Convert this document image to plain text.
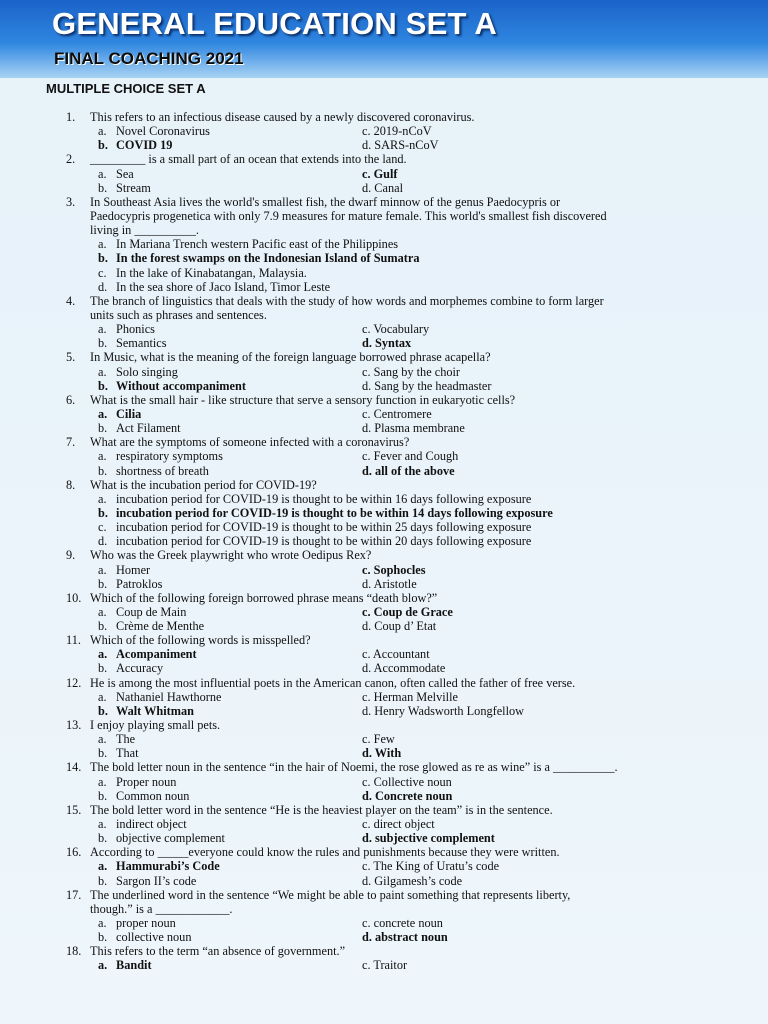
GENERAL EDUCATION SET A
FINAL COACHING 2021
MULTIPLE CHOICE SET A
1. This refers to an infectious disease caused by a newly discovered coronavirus.
a. Novel Coronavirus	c. 2019-nCoV
b. COVID 19	d. SARS-nCoV
2. _________ is a small part of an ocean that extends into the land.
a. Sea	c. Gulf
b. Stream	d. Canal
3. In Southeast Asia lives the world's smallest fish, the dwarf minnow of the genus Paedocypris or
Paedocypris progenetica with only 7.9 measures for mature female. This world's smallest fish discovered
living in __________.
a. In Mariana Trench western Pacific east of the Philippines
b. In the forest swamps on the Indonesian Island of Sumatra
c. In the lake of Kinabatangan, Malaysia.
d. In the sea shore of Jaco Island, Timor Leste
4. The branch of linguistics that deals with the study of how words and morphemes combine to form larger
units such as phrases and sentences.
a. Phonics	c. Vocabulary
b. Semantics	d. Syntax
5. In Music, what is the meaning of the foreign language borrowed phrase acapella?
a. Solo singing	c. Sang by the choir
b. Without accompaniment	d. Sang by the headmaster
6. What is the small hair - like structure that serve a sensory function in eukaryotic cells?
a. Cilia	c. Centromere
b. Act Filament	d. Plasma membrane
7. What are the symptoms of someone infected with a coronavirus?
a. respiratory symptoms	c. Fever and Cough
b. shortness of breath	d. all of the above
8. What is the incubation period for COVID-19?
a. incubation period for COVID-19 is thought to be within 16 days following exposure
b. incubation period for COVID-19 is thought to be within 14 days following exposure
c. incubation period for COVID-19 is thought to be within 25 days following exposure
d. incubation period for COVID-19 is thought to be within 20 days following exposure
9. Who was the Greek playwright who wrote Oedipus Rex?
a. Homer	c. Sophocles
b. Patroklos	d. Aristotle
10. Which of the following foreign borrowed phrase means “death blow?”
a. Coup de Main	c. Coup de Grace
b. Crème de Menthe	d. Coup d’ Etat
11. Which of the following words is misspelled?
a. Acompaniment	c. Accountant
b. Accuracy	d. Accommodate
12. He is among the most influential poets in the American canon, often called the father of free verse.
a. Nathaniel Hawthorne	c. Herman Melville
b. Walt Whitman	d. Henry Wadsworth Longfellow
13. I enjoy playing small pets.
a. The	c. Few
b. That	d. With
14. The bold letter noun in the sentence “in the hair of Noemi, the rose glowed as re as wine” is a __________.
a. Proper noun	c. Collective noun
b. Common noun	d. Concrete noun
15. The bold letter word in the sentence “He is the heaviest player on the team” is in the sentence.
a. indirect object	c. direct object
b. objective complement	d. subjective complement
16. According to _____everyone could know the rules and punishments because they were written.
a. Hammurabi’s Code	c. The King of Uratu’s code
b. Sargon II’s code	d. Gilgamesh’s code
17. The underlined word in the sentence “We might be able to paint something that represents liberty,
though.” is a ____________.
a. proper noun	c. concrete noun
b. collective noun	d. abstract noun
18. This refers to the term “an absence of government.”
a. Bandit	c. Traitor
